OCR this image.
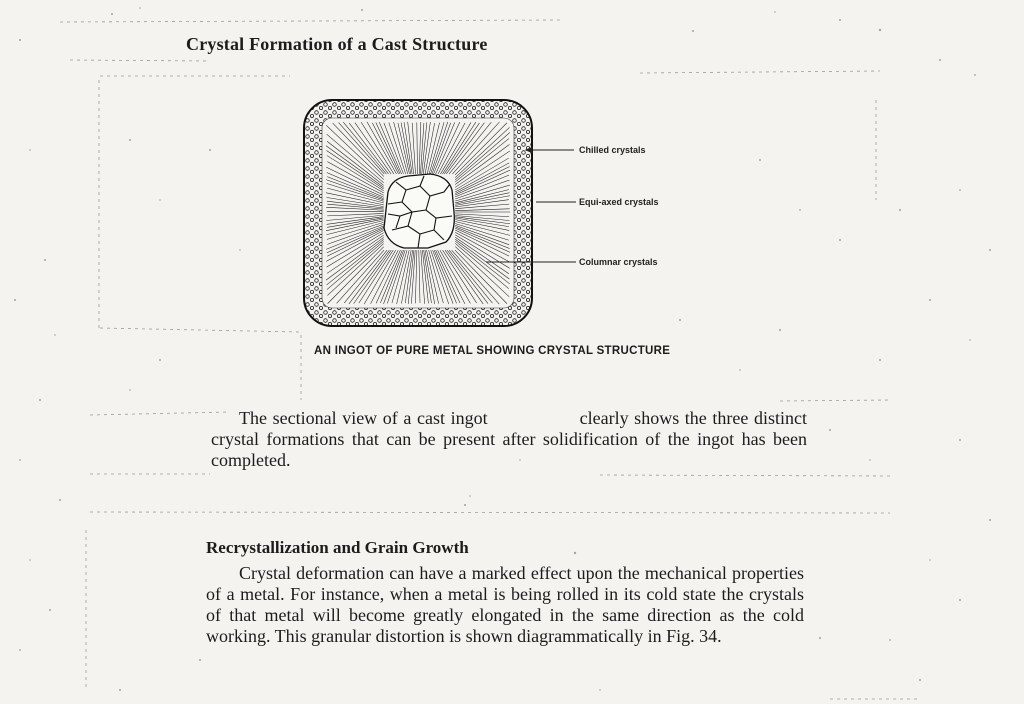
Crystal Formation of a Cast Structure
Chilled crystals
Equi-axed crystals
Columnar crystals
AN INGOT OF PURE METAL SHOWING CRYSTAL STRUCTURE
The sectional view of a cast ingot	clearly shows the three distinct crystal formations that can be present after solidification of the ingot has been completed.
Recrystallization and Grain Growth
Crystal deformation can have a marked effect upon the mechanical properties of a metal. For instance, when a metal is being rolled in its cold state the crystals of that metal will become greatly elongated in the same direction as the cold working. This granular distortion is shown diagrammatically in Fig. 34.
